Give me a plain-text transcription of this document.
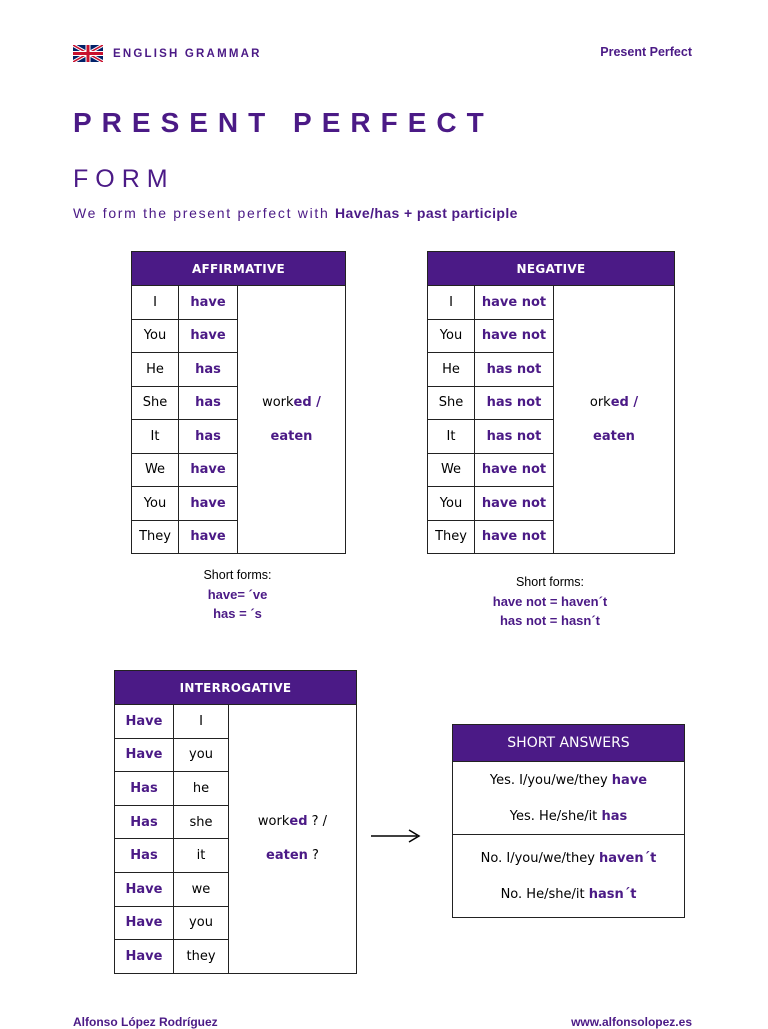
ENGLISH GRAMMAR	Present Perfect
PRESENT PERFECT
FORM
We form the present perfect with Have/has + past participle
AFFIRMATIVE		
I	have	worked /
eaten

You	have	
He	has	
She	has	
It	has	
We	have	
You	have	
They	have	
NEGATIVE		
I	have not	orked /
eaten

You	have not	
He	has not	
She	has not	
It	has not	
We	have not	
You	have not	
They	have not	
Short forms:
have= ´ve
has = ´s
Short forms:
have not = haven´t
has not = hasn´t
INTERROGATIVE		
Have	I	worked ? /
eaten ?

Have	you	
Has	he	
Has	she	
Has	it	
Have	we	
Have	you	
Have	they	
SHORT ANSWERS
Yes. I/you/we/they have
Yes. He/she/it has
No. I/you/we/they haven´t
No. He/she/it hasn´t
Alfonso López Rodríguez	www.alfonsolopez.es
